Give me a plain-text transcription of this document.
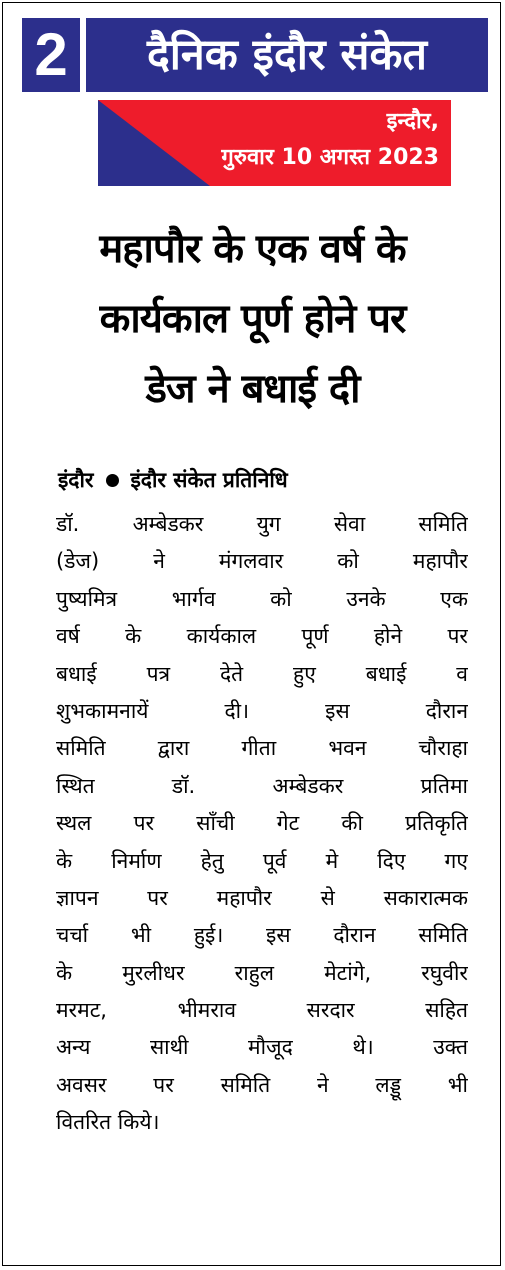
2	दैनिक इंदौर संकेत
इन्दौर,
गुरुवार 10 अगस्त 2023
महापौर के एक वर्ष के
कार्यकाल पूर्ण होने पर
डेज ने बधाई दी
इंदौर इंदौर संकेत प्रतिनिधि
डॉ. अम्बेडकर युग सेवा समिति
(डेज) ने मंगलवार को महापौर
पुष्यमित्र भार्गव को उनके एक
वर्ष के कार्यकाल पूर्ण होने पर
बधाई पत्र देते हुए बधाई व
शुभकामनायें दी। इस दौरान
समिति द्वारा गीता भवन चौराहा
स्थित डॉ. अम्बेडकर प्रतिमा
स्थल पर साँची गेट की प्रतिकृति
के निर्माण हेतु पूर्व मे दिए गए
ज्ञापन पर महापौर से सकारात्मक
चर्चा भी हुई। इस दौरान समिति
के मुरलीधर राहुल मेटांगे, रघुवीर
मरमट, भीमराव सरदार सहित
अन्य साथी मौजूद थे। उक्त
अवसर पर समिति ने लड्डू भी
वितरित किये।
